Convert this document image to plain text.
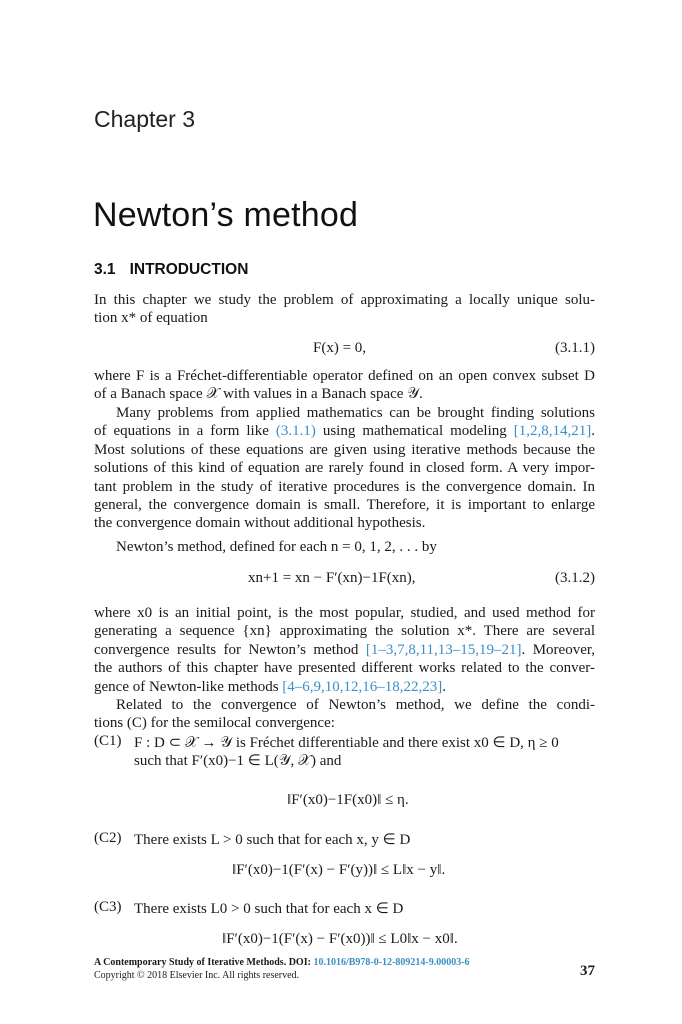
Chapter 3
Newton’s method
3.1 INTRODUCTION
In this chapter we study the problem of approximating a locally unique solu-
tion x* of equation
F(x) = 0,	(3.1.1)
where F is a Fréchet-differentiable operator defined on an open convex subset D
of a Banach space 𝒳 with values in a Banach space 𝒴.
Many problems from applied mathematics can be brought finding solutions
of equations in a form like (3.1.1) using mathematical modeling [1,2,8,14,21].
Most solutions of these equations are given using iterative methods because the
solutions of this kind of equation are rarely found in closed form. A very impor-
tant problem in the study of iterative procedures is the convergence domain. In
general, the convergence domain is small. Therefore, it is important to enlarge
the convergence domain without additional hypothesis.
Newton’s method, defined for each n = 0, 1, 2, . . . by
xn+1 = xn − F′(xn)−1F(xn),	(3.1.2)
where x0 is an initial point, is the most popular, studied, and used method for
generating a sequence {xn} approximating the solution x*. There are several
convergence results for Newton’s method [1–3,7,8,11,13–15,19–21]. Moreover,
the authors of this chapter have presented different works related to the conver-
gence of Newton-like methods [4–6,9,10,12,16–18,22,23].
Related to the convergence of Newton’s method, we define the condi-
tions (C) for the semilocal convergence:
(C1) F : D ⊂ 𝒳 → 𝒴 is Fréchet differentiable and there exist x0 ∈ D, η ≥ 0
such that F′(x0)−1 ∈ L(𝒴, 𝒳) and
‖F′(x0)−1F(x0)‖ ≤ η.
(C2) There exists L > 0 such that for each x, y ∈ D
‖F′(x0)−1(F′(x) − F′(y))‖ ≤ L‖x − y‖.
(C3) There exists L0 > 0 such that for each x ∈ D
‖F′(x0)−1(F′(x) − F′(x0))‖ ≤ L0‖x − x0‖.
A Contemporary Study of Iterative Methods. DOI: 10.1016/B978-0-12-809214-9.00003-6
Copyright © 2018 Elsevier Inc. All rights reserved.	37
